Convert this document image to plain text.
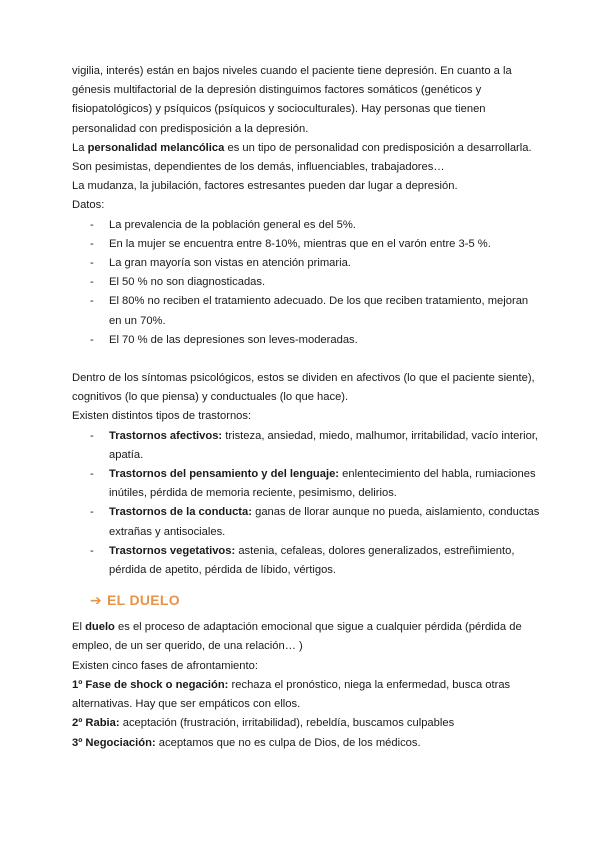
vigilia, interés) están en bajos niveles cuando el paciente tiene depresión. En cuanto a la génesis multifactorial de la depresión distinguimos factores somáticos (genéticos y fisiopatológicos) y psíquicos (psíquicos y socioculturales). Hay personas que tienen personalidad con predisposición a la depresión.

La personalidad melancólica es un tipo de personalidad con predisposición a desarrollarla. Son pesimistas, dependientes de los demás, influenciables, trabajadores…

La mudanza, la jubilación, factores estresantes pueden dar lugar a depresión.

Datos:

- La prevalencia de la población general es del 5%.
- En la mujer se encuentra entre 8-10%, mientras que en el varón entre 3-5 %.
- La gran mayoría son vistas en atención primaria.
- El 50 % no son diagnosticadas.
- El 80% no reciben el tratamiento adecuado. De los que reciben tratamiento, mejoran en un 70%.
- El 70 % de las depresiones son leves-moderadas.

Dentro de los síntomas psicológicos, estos se dividen en afectivos (lo que el paciente siente), cognitivos (lo que piensa) y conductuales (lo que hace).

Existen distintos tipos de trastornos:

- Trastornos afectivos: tristeza, ansiedad, miedo, malhumor, irritabilidad, vacío interior, apatía.
- Trastornos del pensamiento y del lenguaje: enlentecimiento del habla, rumiaciones inútiles, pérdida de memoria reciente, pesimismo, delirios.
- Trastornos de la conducta: ganas de llorar aunque no pueda, aislamiento, conductas extrañas y antisociales.
- Trastornos vegetativos: astenia, cefaleas, dolores generalizados, estreñimiento, pérdida de apetito, pérdida de líbido, vértigos.
➔ EL DUELO

El duelo es el proceso de adaptación emocional que sigue a cualquier pérdida (pérdida de empleo, de un ser querido, de una relación… )

Existen cinco fases de afrontamiento:

1º Fase de shock o negación: rechaza el pronóstico, niega la enfermedad, busca otras alternativas. Hay que ser empáticos con ellos.

2º Rabia: aceptación (frustración, irritabilidad), rebeldía, buscamos culpables

3º Negociación: aceptamos que no es culpa de Dios, de los médicos.
